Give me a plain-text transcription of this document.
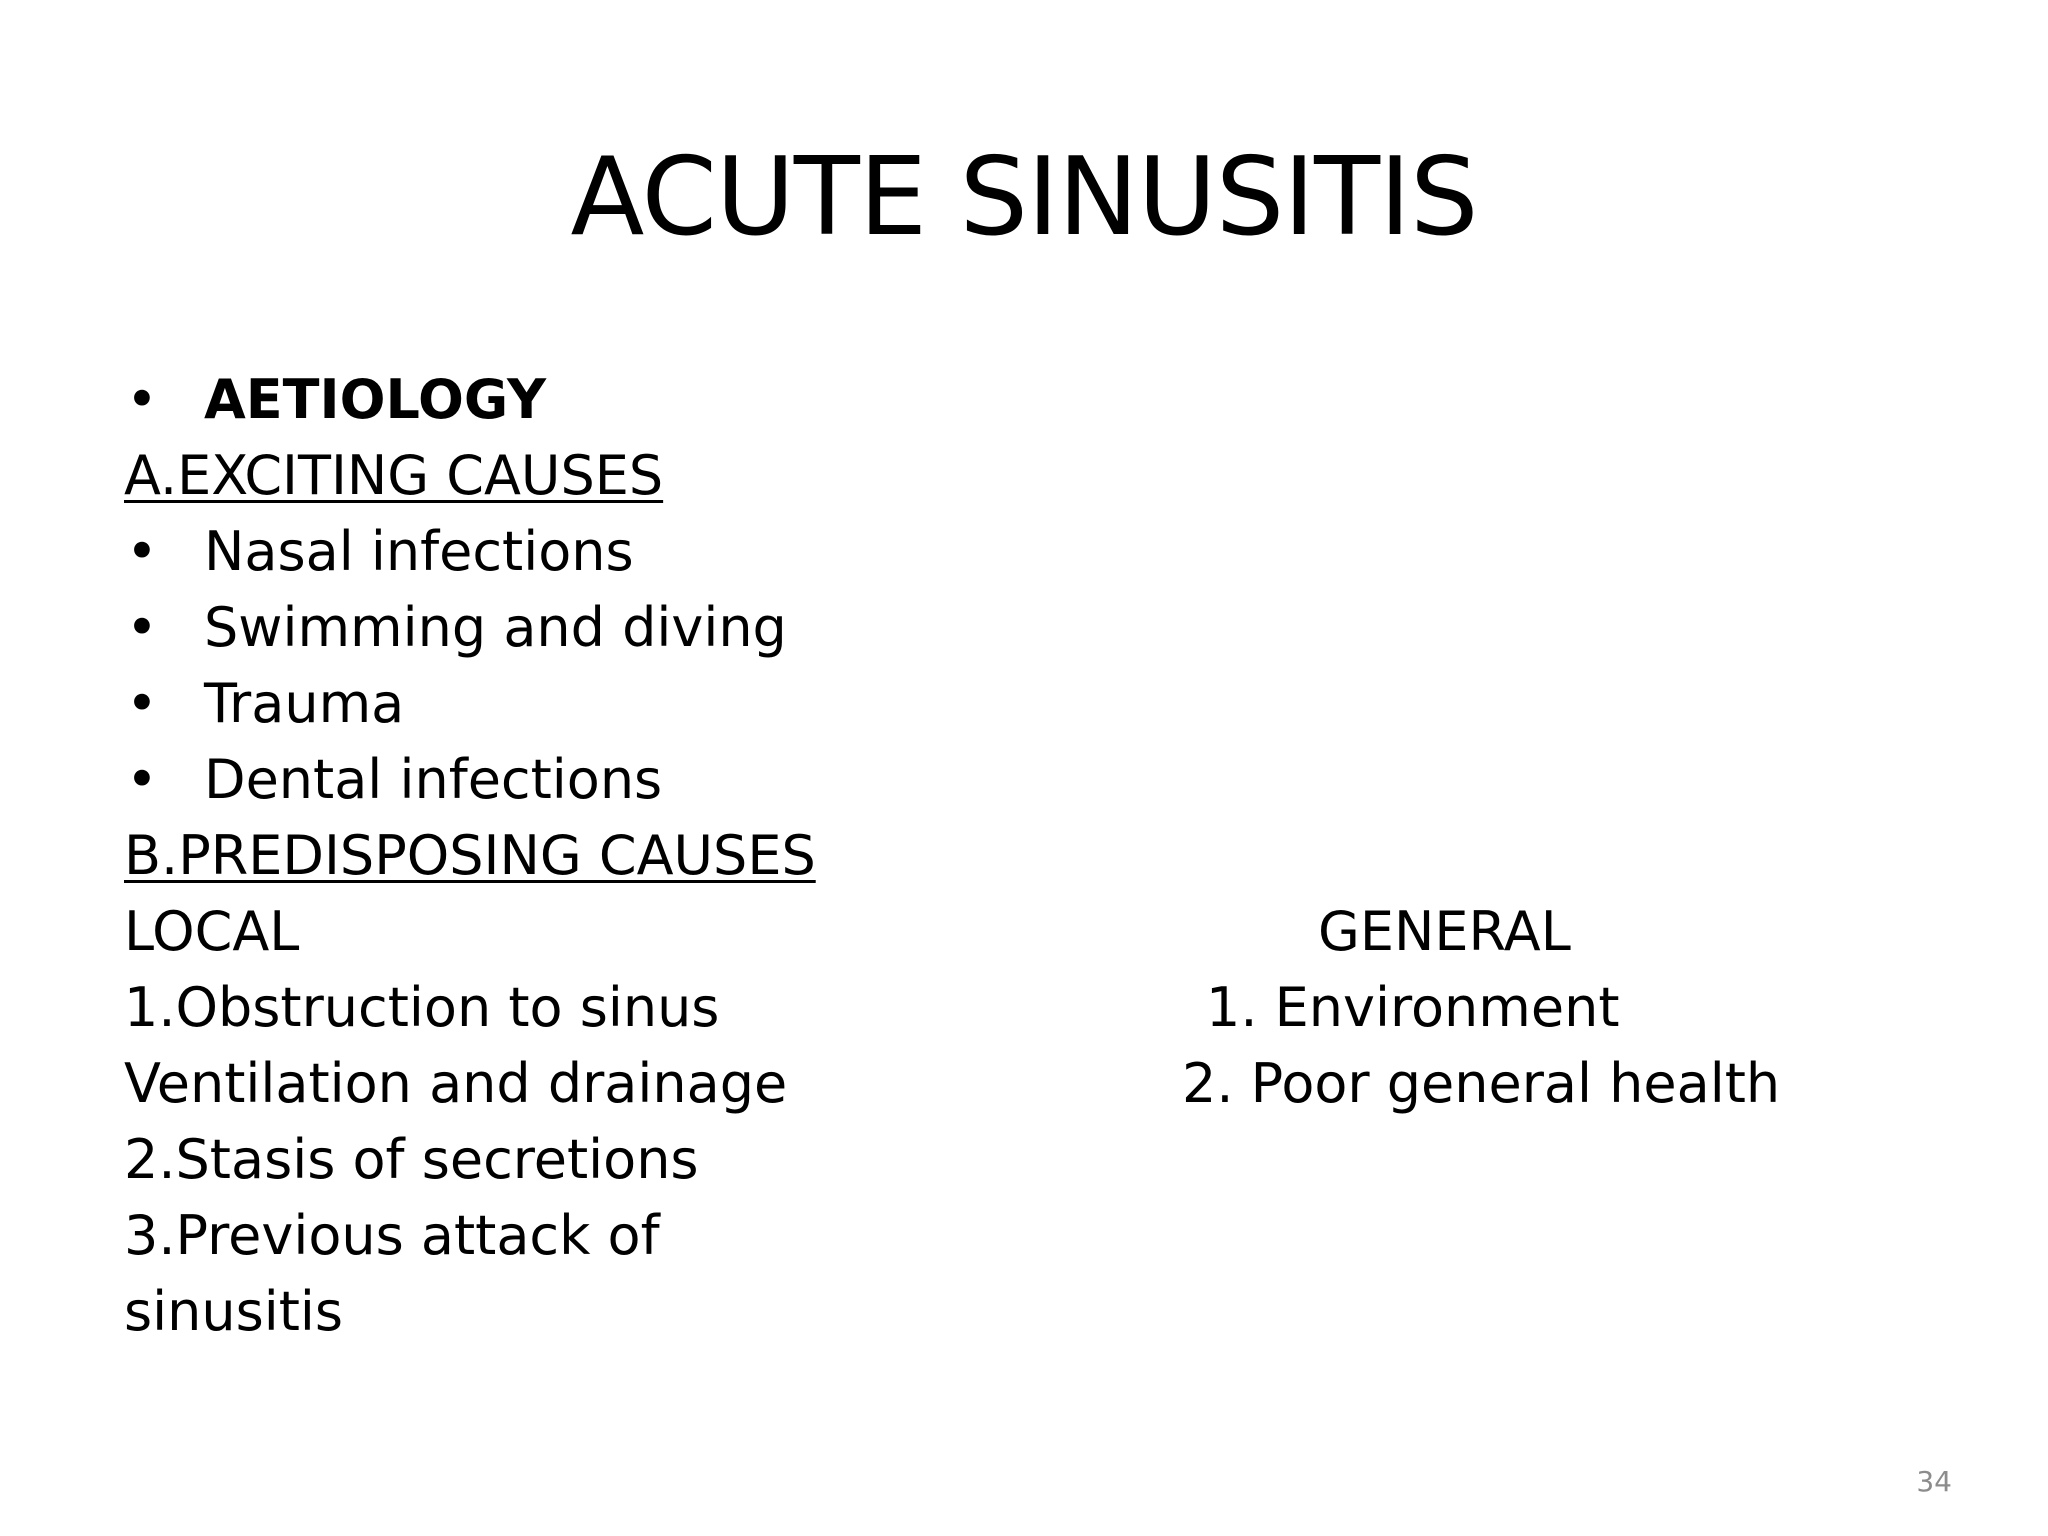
ACUTE SINUSITIS
• AETIOLOGY
A.EXCITING CAUSES
• Nasal infections
• Swimming and diving
• Trauma
• Dental infections
B.PREDISPOSING CAUSES
LOCAL
1.Obstruction to sinus
Ventilation and drainage
2.Stasis of secretions
3.Previous attack of
sinusitis
GENERAL
1. Environment
2. Poor general health
34
